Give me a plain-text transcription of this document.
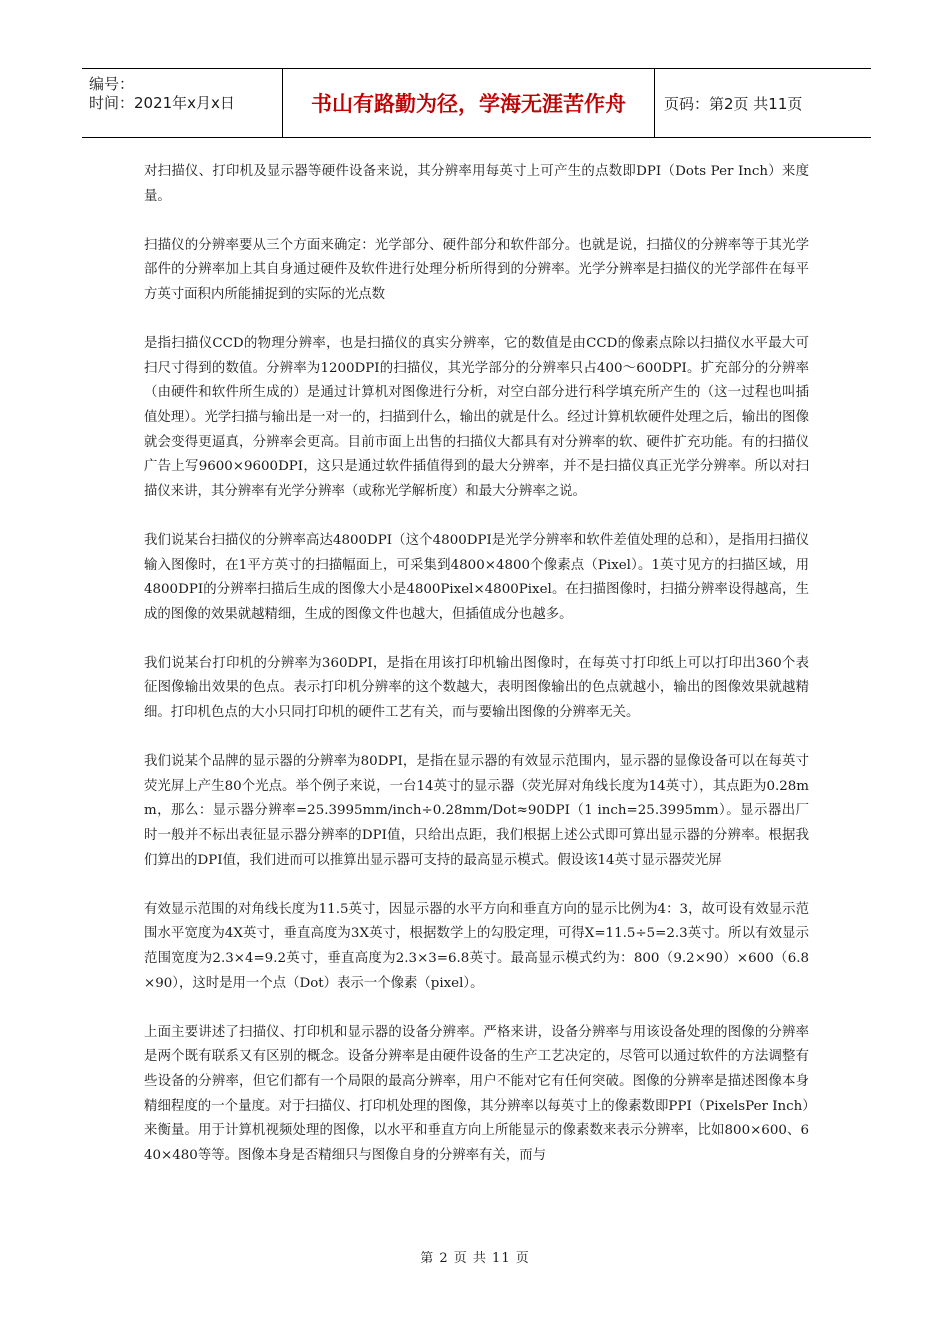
编号：
时间：2021年x月x日	书山有路勤为径，学海无涯苦作舟	页码：第2页 共11页

对扫描仪、打印机及显示器等硬件设备来说，其分辨率用每英寸上可产生的点数即DPI（Dots Per Inch）来度量。

扫描仪的分辨率要从三个方面来确定：光学部分、硬件部分和软件部分。也就是说，扫描仪的分辨率等于其光学部件的分辨率加上其自身通过硬件及软件进行处理分析所得到的分辨率。光学分辨率是扫描仪的光学部件在每平方英寸面积内所能捕捉到的实际的光点数

是指扫描仪CCD的物理分辨率，也是扫描仪的真实分辨率，它的数值是由CCD的像素点除以扫描仪水平最大可扫尺寸得到的数值。分辨率为1200DPI的扫描仪，其光学部分的分辨率只占400～600DPI。扩充部分的分辨率（由硬件和软件所生成的）是通过计算机对图像进行分析，对空白部分进行科学填充所产生的（这一过程也叫插值处理）。光学扫描与输出是一对一的，扫描到什么，输出的就是什么。经过计算机软硬件处理之后，输出的图像就会变得更逼真，分辨率会更高。目前市面上出售的扫描仪大都具有对分辨率的软、硬件扩充功能。有的扫描仪广告上写9600×9600DPI，这只是通过软件插值得到的最大分辨率，并不是扫描仪真正光学分辨率。所以对扫描仪来讲，其分辨率有光学分辨率（或称光学解析度）和最大分辨率之说。

我们说某台扫描仪的分辨率高达4800DPI（这个4800DPI是光学分辨率和软件差值处理的总和），是指用扫描仪输入图像时，在1平方英寸的扫描幅面上，可采集到4800×4800个像素点（Pixel）。1英寸见方的扫描区域，用4800DPI的分辨率扫描后生成的图像大小是4800Pixel×4800Pixel。在扫描图像时，扫描分辨率设得越高，生成的图像的效果就越精细，生成的图像文件也越大，但插值成分也越多。

我们说某台打印机的分辨率为360DPI，是指在用该打印机输出图像时，在每英寸打印纸上可以打印出360个表征图像输出效果的色点。表示打印机分辨率的这个数越大，表明图像输出的色点就越小，输出的图像效果就越精细。打印机色点的大小只同打印机的硬件工艺有关，而与要输出图像的分辨率无关。

我们说某个品牌的显示器的分辨率为80DPI，是指在显示器的有效显示范围内，显示器的显像设备可以在每英寸荧光屏上产生80个光点。举个例子来说，一台14英寸的显示器（荧光屏对角线长度为14英寸），其点距为0.28mm，那么：显示器分辨率=25.3995mm/inch÷0.28mm/Dot≈90DPI（1 inch=25.3995mm）。显示器出厂时一般并不标出表征显示器分辨率的DPI值，只给出点距，我们根据上述公式即可算出显示器的分辨率。根据我们算出的DPI值，我们进而可以推算出显示器可支持的最高显示模式。假设该14英寸显示器荧光屏

有效显示范围的对角线长度为11.5英寸，因显示器的水平方向和垂直方向的显示比例为4：3，故可设有效显示范围水平宽度为4X英寸，垂直高度为3X英寸，根据数学上的勾股定理，可得X=11.5÷5=2.3英寸。所以有效显示范围宽度为2.3×4=9.2英寸，垂直高度为2.3×3=6.8英寸。最高显示模式约为：800（9.2×90）×600（6.8×90），这时是用一个点（Dot）表示一个像素（pixel）。

上面主要讲述了扫描仪、打印机和显示器的设备分辨率。严格来讲，设备分辨率与用该设备处理的图像的分辨率是两个既有联系又有区别的概念。设备分辨率是由硬件设备的生产工艺决定的，尽管可以通过软件的方法调整有些设备的分辨率，但它们都有一个局限的最高分辨率，用户不能对它有任何突破。图像的分辨率是描述图像本身精细程度的一个量度。对于扫描仪、打印机处理的图像，其分辨率以每英寸上的像素数即PPI（PixelsPer Inch）来衡量。用于计算机视频处理的图像，以水平和垂直方向上所能显示的像素数来表示分辨率，比如800×600、640×480等等。图像本身是否精细只与图像自身的分辨率有关，而与

第 2 页 共 11 页
